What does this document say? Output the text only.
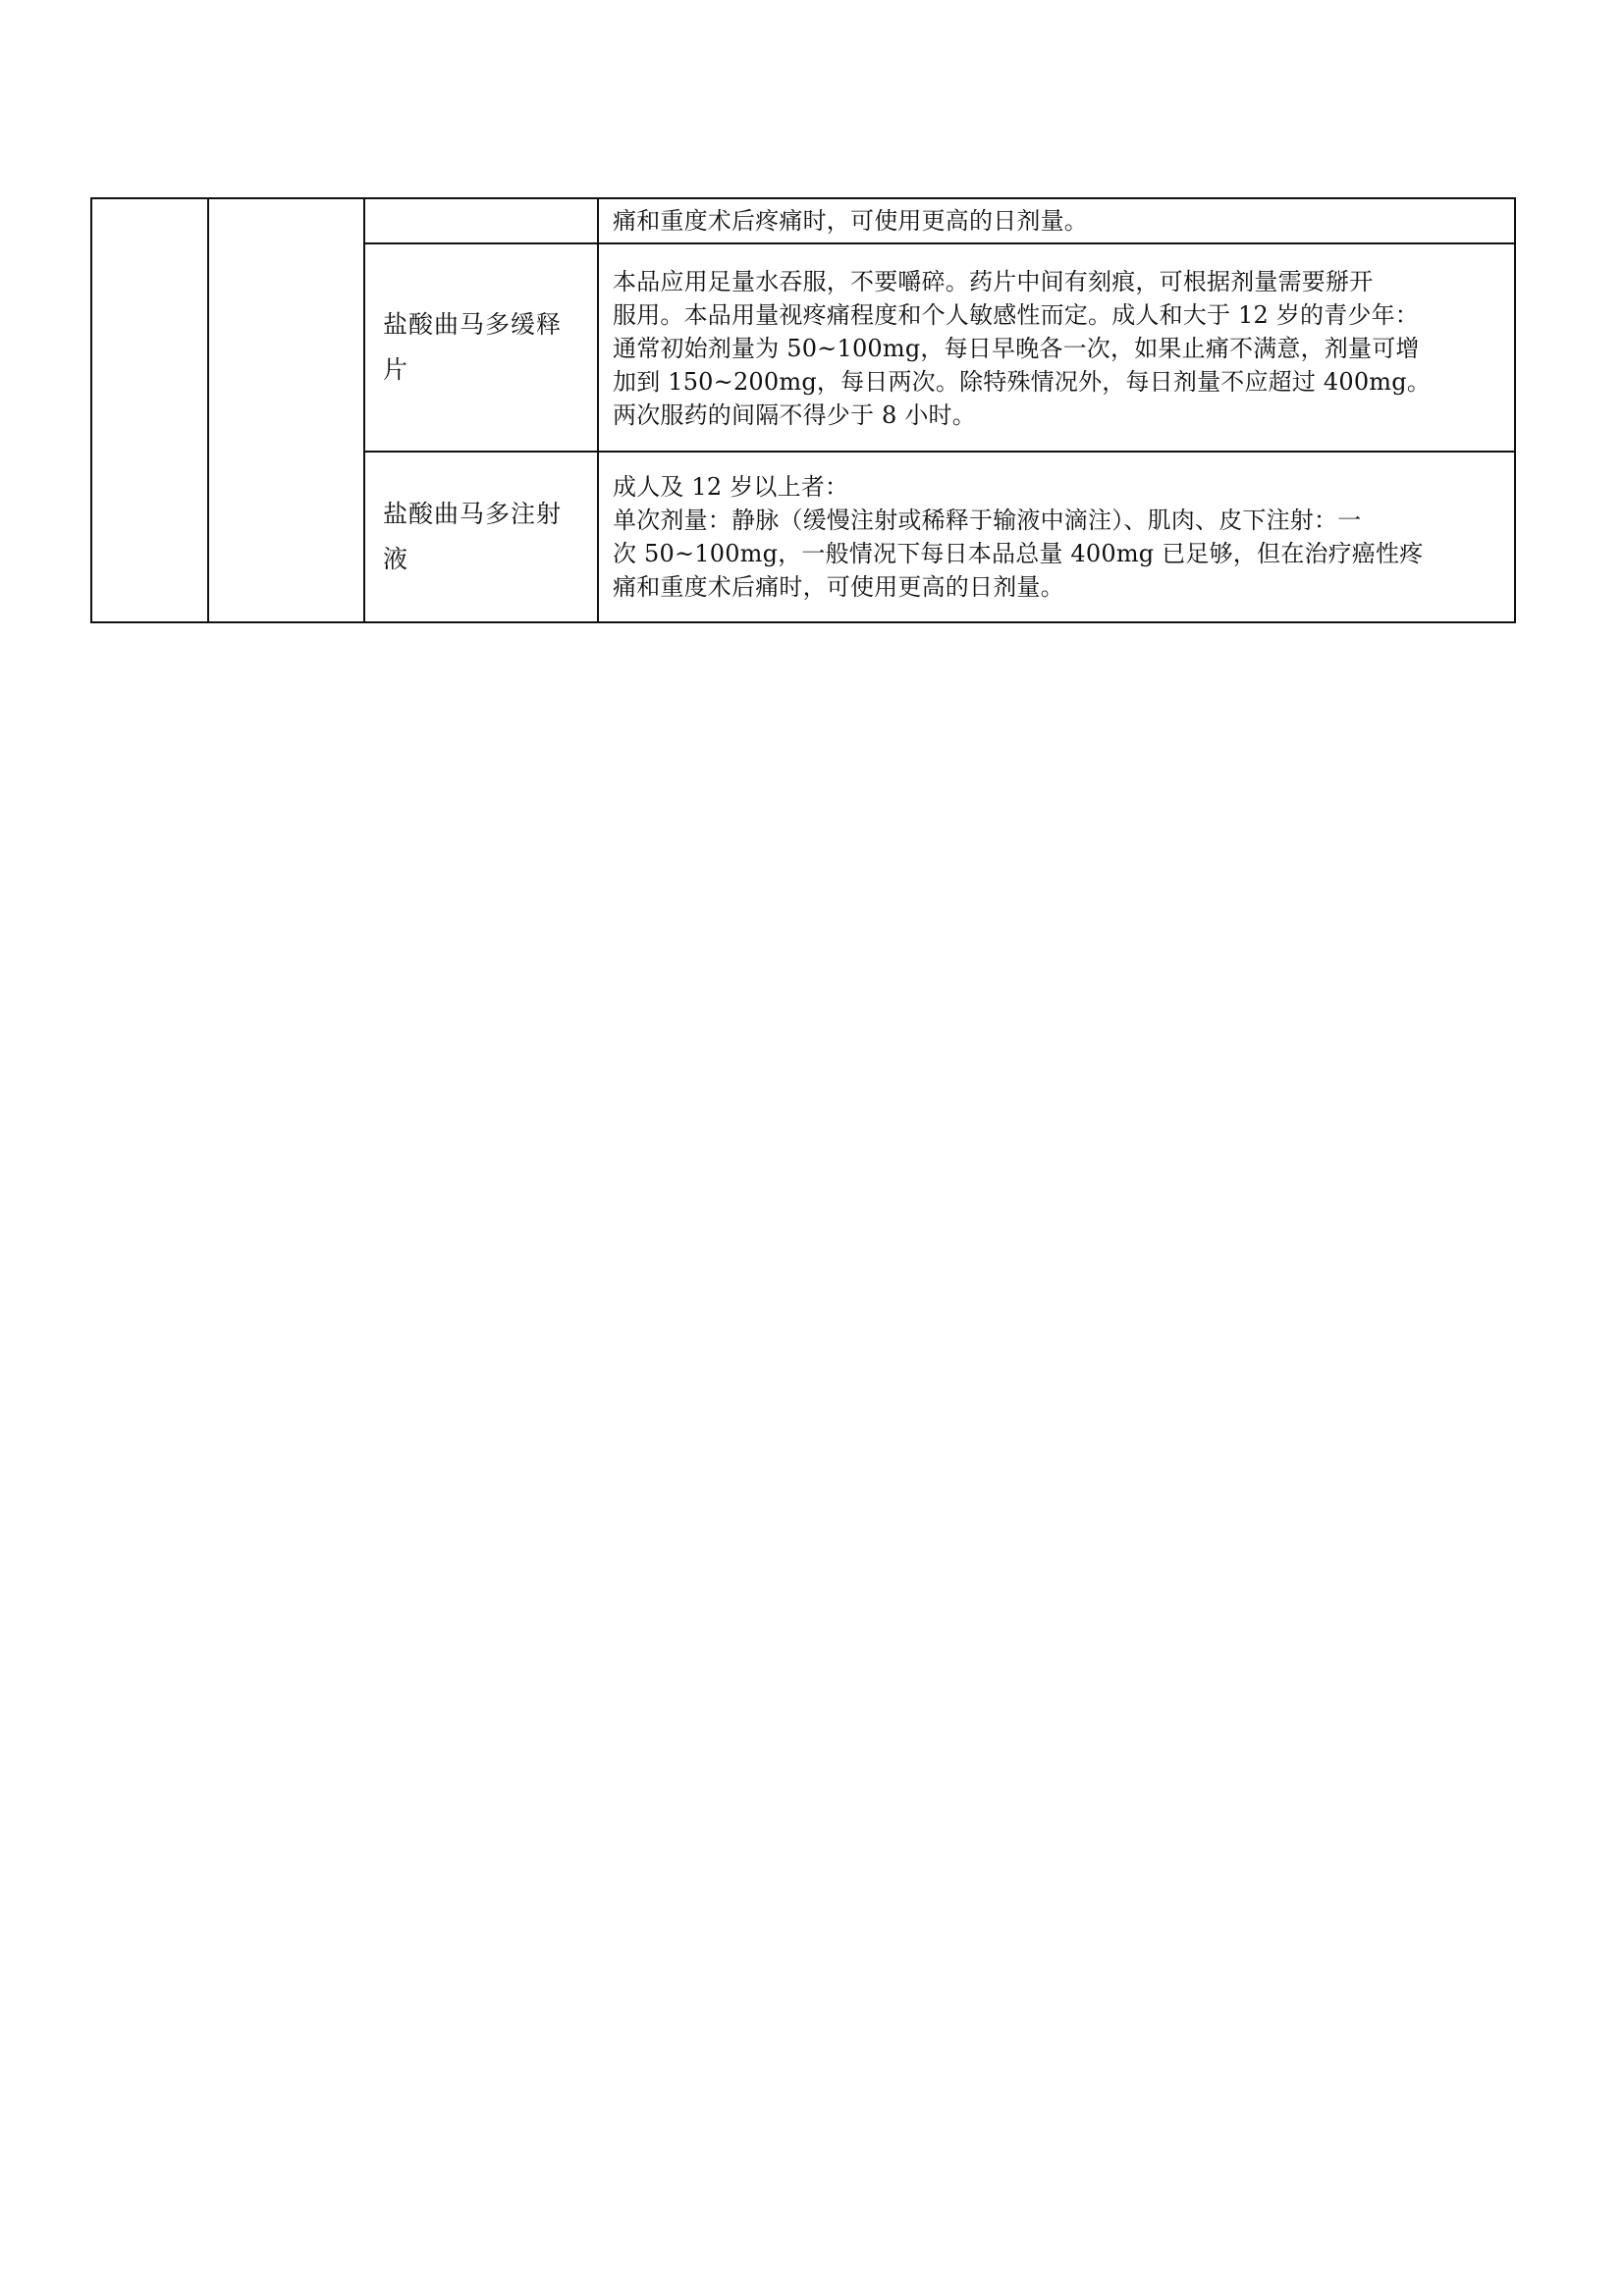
			痛和重度术后疼痛时，可使用更高的日剂量。

		盐酸曲马多缓释片	本品应用足量水吞服，不要嚼碎。药片中间有刻痕，可根据剂量需要掰开
服用。本品用量视疼痛程度和个人敏感性而定。成人和大于 12 岁的青少年：
通常初始剂量为 50~100mg，每日早晚各一次，如果止痛不满意，剂量可增
加到 150~200mg，每日两次。除特殊情况外，每日剂量不应超过 400mg。
两次服药的间隔不得少于 8 小时。

		盐酸曲马多注射液	成人及 12 岁以上者：
单次剂量：静脉（缓慢注射或稀释于输液中滴注）、肌肉、皮下注射：一
次 50~100mg，一般情况下每日本品总量 400mg 已足够，但在治疗癌性疼
痛和重度术后痛时，可使用更高的日剂量。
